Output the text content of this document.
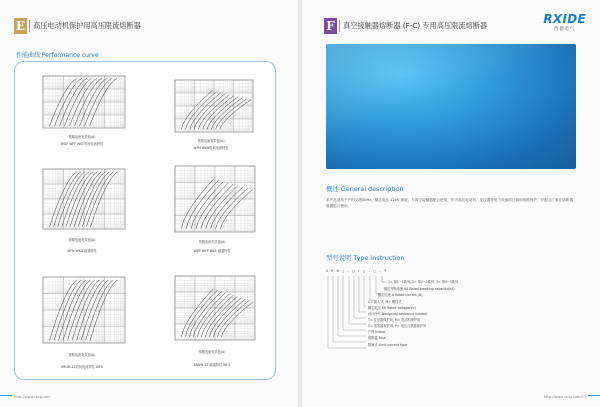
E 高压电动机保护用高压限流熔断器
性能曲线 Performance curve
预期电流有效值(A)
WDF WFF WKF时间电流特性
预期电流有效值(A)
WFN WKN时间电流特性
预期电流有效值(A)
WFN WKN 融通特性
预期电流有效值(A)
WDF WFF WKF 融通特性
预期电流有效值(A)
XRNM-12时间电流特性 WFX
预期电流有效值(A)
XRNM-12 融通特性 WFX
http://www.rxng.com
F	真空接触器熔断器 (F-C) 专用高压限流熔断器	RXIDE
西德电气
概述 General description
本产品适用于户内交流50Hz、额定电压 12kV 系统，与真空接触器配合使用，作为高压电动机、变压器等电力设备的过载和短路保护，并配合厂家在熔断器电器组合使用。
型号说明 Type Instruction
X R N □ - □ / □ - □ - Y
1= 第1~1系列, 2= 第2~2系列, 3= 第3~3系列
额定开断电流 KA Rated breaking capacity(kA)
额定电流 A Rated current (A)
C= 插入式, M= 螺栓式
额定电压 KV Rated voltage(kV)
设计序号 Designing sequence number
T= 变压器保护用, M= 电动机保护用
C= 电容器保护用, P= 电压互感器保护用
户内 Indoor
熔断器 Fuse
限流式 Limit current type
http://www.rxng.com/27
